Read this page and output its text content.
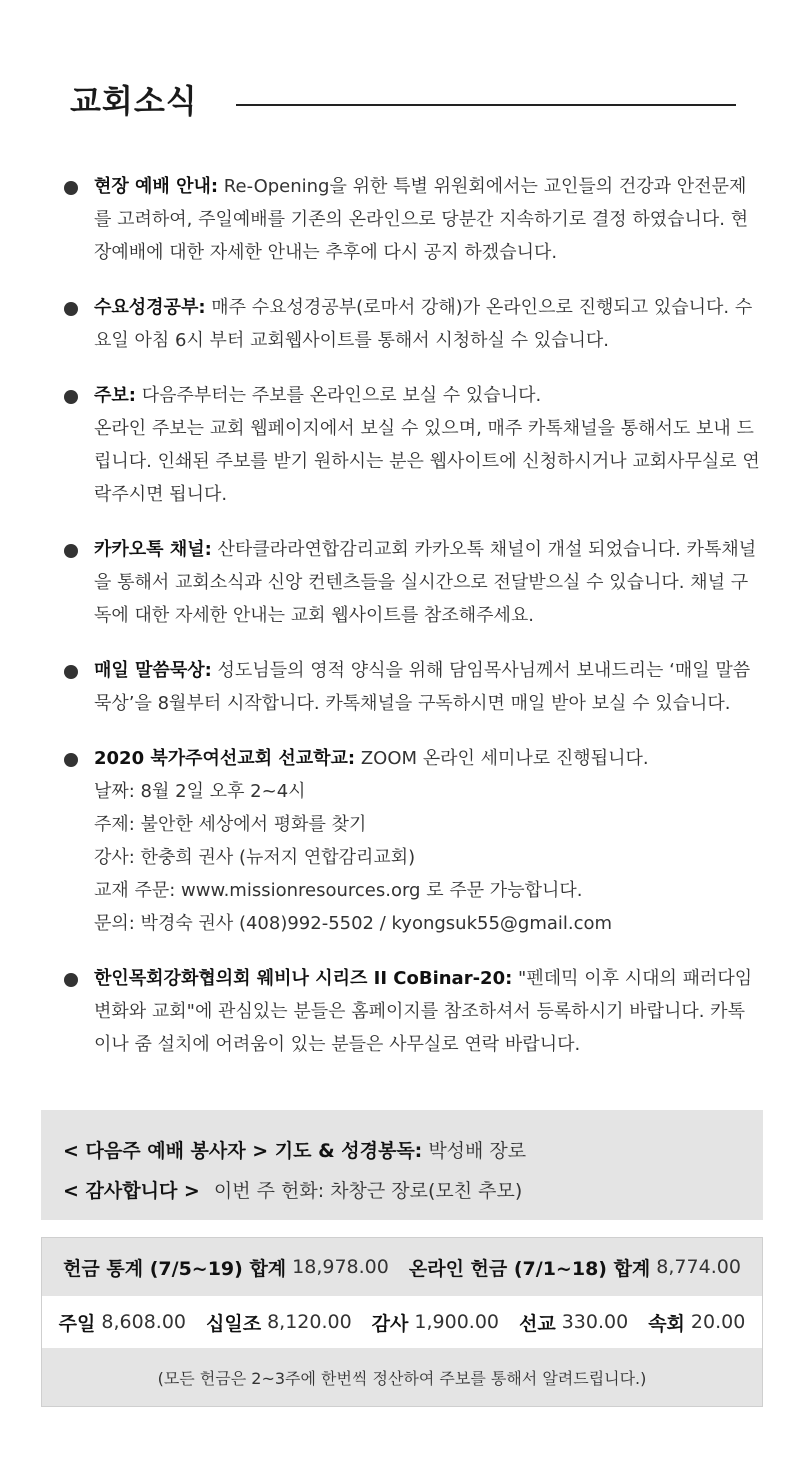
교회소식
현장 예배 안내: Re-Opening을 위한 특별 위원회에서는 교인들의 건강과 안전문제를 고려하여, 주일예배를 기존의 온라인으로 당분간 지속하기로 결정 하였습니다. 현장예배에 대한 자세한 안내는 추후에 다시 공지 하겠습니다.
수요성경공부: 매주 수요성경공부(로마서 강해)가 온라인으로 진행되고 있습니다. 수요일 아침 6시 부터 교회웹사이트를 통해서 시청하실 수 있습니다.
주보: 다음주부터는 주보를 온라인으로 보실 수 있습니다.
온라인 주보는 교회 웹페이지에서 보실 수 있으며, 매주 카톡채널을 통해서도 보내 드립니다. 인쇄된 주보를 받기 원하시는 분은 웹사이트에 신청하시거나 교회사무실로 연락주시면 됩니다.
카카오톡 채널: 산타클라라연합감리교회 카카오톡 채널이 개설 되었습니다. 카톡채널을 통해서 교회소식과 신앙 컨텐츠들을 실시간으로 전달받으실 수 있습니다. 채널 구독에 대한 자세한 안내는 교회 웹사이트를 참조해주세요.
매일 말씀묵상: 성도님들의 영적 양식을 위해 담임목사님께서 보내드리는 ‘매일 말씀묵상’을 8월부터 시작합니다. 카톡채널을 구독하시면 매일 받아 보실 수 있습니다.
2020 북가주여선교회 선교학교: ZOOM 온라인 세미나로 진행됩니다.
날짜: 8월 2일 오후 2~4시
주제: 불안한 세상에서 평화를 찾기
강사: 한충희 권사 (뉴저지 연합감리교회)
교재 주문: www.missionresources.org 로 주문 가능합니다.
문의: 박경숙 권사 (408)992-5502 / kyongsuk55@gmail.com
한인목회강화협의회 웨비나 시리즈 II CoBinar-20: "펜데믹 이후 시대의 패러다임 변화와 교회"에 관심있는 분들은 홈페이지를 참조하셔서 등록하시기 바랍니다. 카톡이나 줌 설치에 어려움이 있는 분들은 사무실로 연락 바랍니다.
< 다음주 예배 봉사자 > 기도 & 성경봉독: 박성배 장로
< 감사합니다 > 이번 주 헌화: 차창근 장로(모친 추모)
헌금 통계 (7/5~19) 합계 18,978.00 온라인 헌금 (7/1~18) 합계 8,774.00
주일 8,608.00 십일조 8,120.00 감사 1,900.00 선교 330.00 속회 20.00
(모든 헌금은 2~3주에 한번씩 정산하여 주보를 통해서 알려드립니다.)
